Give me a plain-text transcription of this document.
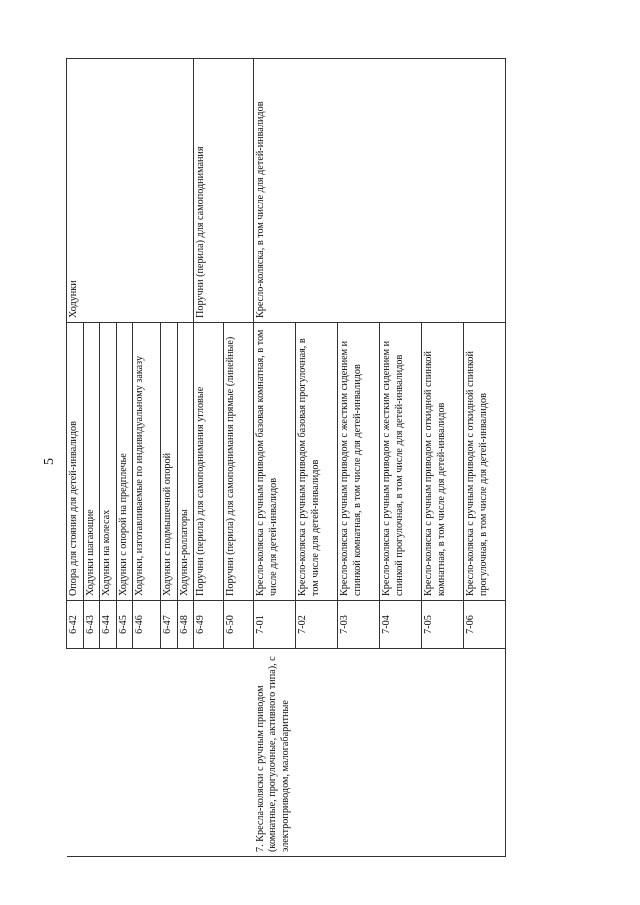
5
	6-42	Опора для стояния для детей-инвалидов	Ходунки
	6-43	Ходунки шагающие	
	6-44	Ходунки на колесах	
	6-45	Ходунки с опорой на предплечье	
	6-46	Ходунки, изготавливаемые по индивидуальному заказу	
	6-47	Ходунки с подмышечной опорой	
	6-48	Ходунки-роллаторы	
	6-49	Поручни (перила) для самоподнимания угловые	Поручни (перила) для самоподнимания
	6-50	Поручни (перила) для самоподнимания прямые (линейные)	
7. Кресла-коляски с ручным приводом (комнатные, прогулочные, активного типа), с электроприводом, малогабаритные	7-01	Кресло-коляска с ручным приводом базовая комнатная, в том числе для детей-инвалидов	Кресло-коляска, в том числе для детей-инвалидов
	7-02	Кресло-коляска с ручным приводом базовая прогулочная, в том числе для детей-инвалидов	
	7-03	Кресло-коляска с ручным приводом с жестким сидением и спинкой комнатная, в том числе для детей-инвалидов	
	7-04	Кресло-коляска с ручным приводом с жестким сидением и спинкой прогулочная, в том числе для детей-инвалидов	
	7-05	Кресло-коляска с ручным приводом с откидной спинкой комнатная, в том числе для детей-инвалидов	
	7-06	Кресло-коляска с ручным приводом с откидной спинкой прогулочная, в том числе для детей-инвалидов	
